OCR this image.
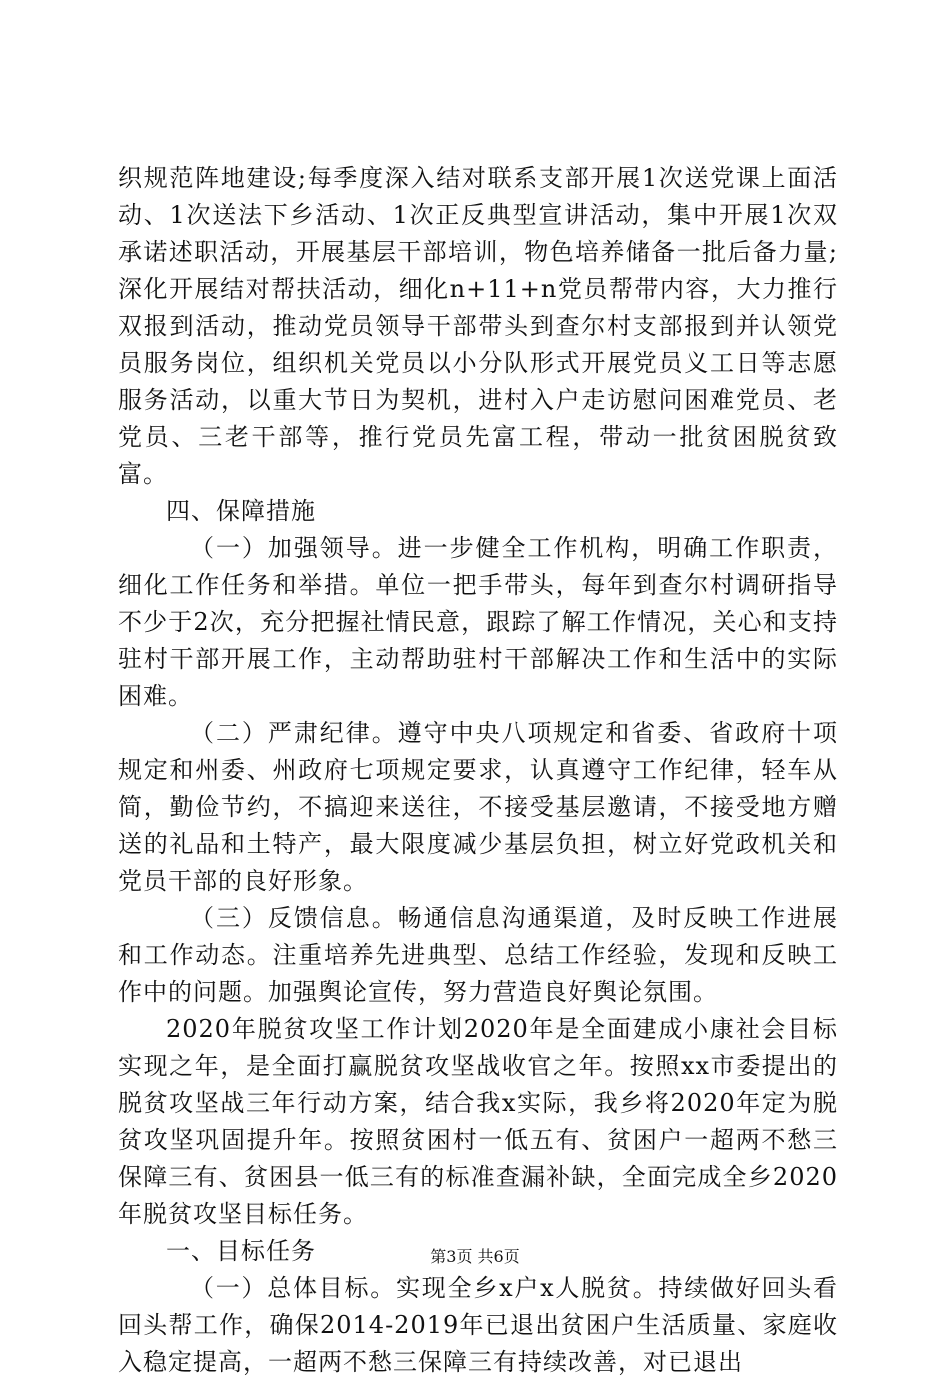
织规范阵地建设;每季度深入结对联系支部开展1次送党课上面活动、1次送法下乡活动、1次正反典型宣讲活动，集中开展1次双承诺述职活动，开展基层干部培训，物色培养储备一批后备力量;深化开展结对帮扶活动，细化n+11+n党员帮带内容，大力推行双报到活动，推动党员领导干部带头到查尔村支部报到并认领党员服务岗位，组织机关党员以小分队形式开展党员义工日等志愿服务活动，以重大节日为契机，进村入户走访慰问困难党员、老党员、三老干部等，推行党员先富工程，带动一批贫困脱贫致富。

四、保障措施

（一）加强领导。进一步健全工作机构，明确工作职责，细化工作任务和举措。单位一把手带头，每年到查尔村调研指导不少于2次，充分把握社情民意，跟踪了解工作情况，关心和支持驻村干部开展工作，主动帮助驻村干部解决工作和生活中的实际困难。

（二）严肃纪律。遵守中央八项规定和省委、省政府十项规定和州委、州政府七项规定要求，认真遵守工作纪律，轻车从简，勤俭节约，不搞迎来送往，不接受基层邀请，不接受地方赠送的礼品和土特产，最大限度减少基层负担，树立好党政机关和党员干部的良好形象。

（三）反馈信息。畅通信息沟通渠道，及时反映工作进展和工作动态。注重培养先进典型、总结工作经验，发现和反映工作中的问题。加强舆论宣传，努力营造良好舆论氛围。

2020年脱贫攻坚工作计划2020年是全面建成小康社会目标实现之年，是全面打赢脱贫攻坚战收官之年。按照xx市委提出的脱贫攻坚战三年行动方案，结合我x实际，我乡将2020年定为脱贫攻坚巩固提升年。按照贫困村一低五有、贫困户一超两不愁三保障三有、贫困县一低三有的标准查漏补缺，全面完成全乡2020年脱贫攻坚目标任务。

一、目标任务

（一）总体目标。实现全乡x户x人脱贫。持续做好回头看回头帮工作，确保2014-2019年已退出贫困户生活质量、家庭收入稳定提高，一超两不愁三保障三有持续改善，对已退出

第3页 共6页
